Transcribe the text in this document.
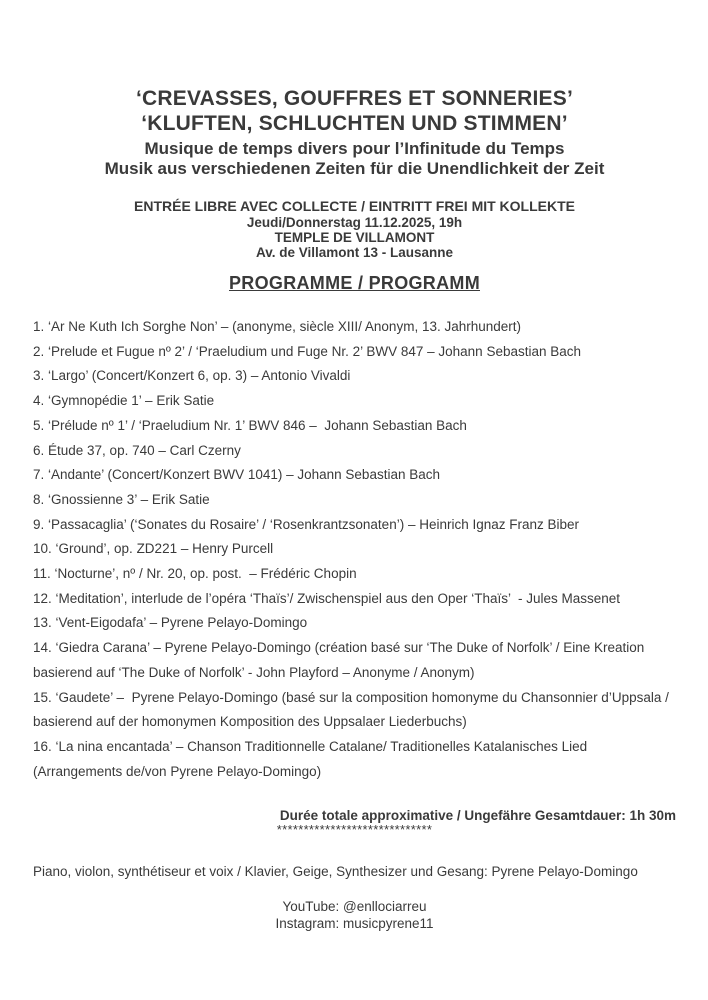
‘CREVASSES, GOUFFRES ET SONNERIES’
‘KLUFTEN, SCHLUCHTEN UND STIMMEN’

Musique de temps divers pour l’Infinitude du Temps

Musik aus verschiedenen Zeiten für die Unendlichkeit der Zeit

ENTRÉE LIBRE AVEC COLLECTE / EINTRITT FREI MIT KOLLEKTE

Jeudi/Donnerstag 11.12.2025, 19h

TEMPLE DE VILLAMONT

Av. de Villamont 13 - Lausanne

PROGRAMME / PROGRAMM

1. ‘Ar Ne Kuth Ich Sorghe Non’ – (anonyme, siècle XIII/ Anonym, 13. Jahrhundert)

2. ‘Prelude et Fugue nº 2’ / ‘Praeludium und Fuge Nr. 2’ BWV 847 – Johann Sebastian Bach

3. ‘Largo’ (Concert/Konzert 6, op. 3) – Antonio Vivaldi

4. ‘Gymnopédie 1’ – Erik Satie

5. ‘Prélude nº 1’ / ‘Praeludium Nr. 1’ BWV 846 –  Johann Sebastian Bach

6. Étude 37, op. 740 – Carl Czerny

7. ‘Andante’ (Concert/Konzert BWV 1041) – Johann Sebastian Bach

8. ‘Gnossienne 3’ – Erik Satie

9. ‘Passacaglia’ (‘Sonates du Rosaire’ / ‘Rosenkrantzsonaten’) – Heinrich Ignaz Franz Biber

10. ‘Ground’, op. ZD221 – Henry Purcell

11. ‘Nocturne’, nº / Nr. 20, op. post.  – Frédéric Chopin

12. ‘Meditation’, interlude de l’opéra ‘Thaïs’/ Zwischenspiel aus den Oper ‘Thaïs’  - Jules Massenet

13. ‘Vent-Eigodafa’ – Pyrene Pelayo-Domingo

14. ‘Giedra Carana’ – Pyrene Pelayo-Domingo (création basé sur ‘The Duke of Norfolk’ / Eine Kreation basierend auf ‘The Duke of Norfolk’ - John Playford – Anonyme / Anonym)

15. ‘Gaudete’ –  Pyrene Pelayo-Domingo (basé sur la composition homonyme du Chansonnier d’Uppsala / basierend auf der homonymen Komposition des Uppsalaer Liederbuchs)

16. ‘La nina encantada’ – Chanson Traditionnelle Catalane/ Traditionelles Katalanisches Lied (Arrangements de/von Pyrene Pelayo-Domingo)

Durée totale approximative / Ungefähre Gesamtdauer: 1h 30m

*****************************

Piano, violon, synthétiseur et voix / Klavier, Geige, Synthesizer und Gesang: Pyrene Pelayo-Domingo

YouTube: @enllociarreu

Instagram: musicpyrene11
